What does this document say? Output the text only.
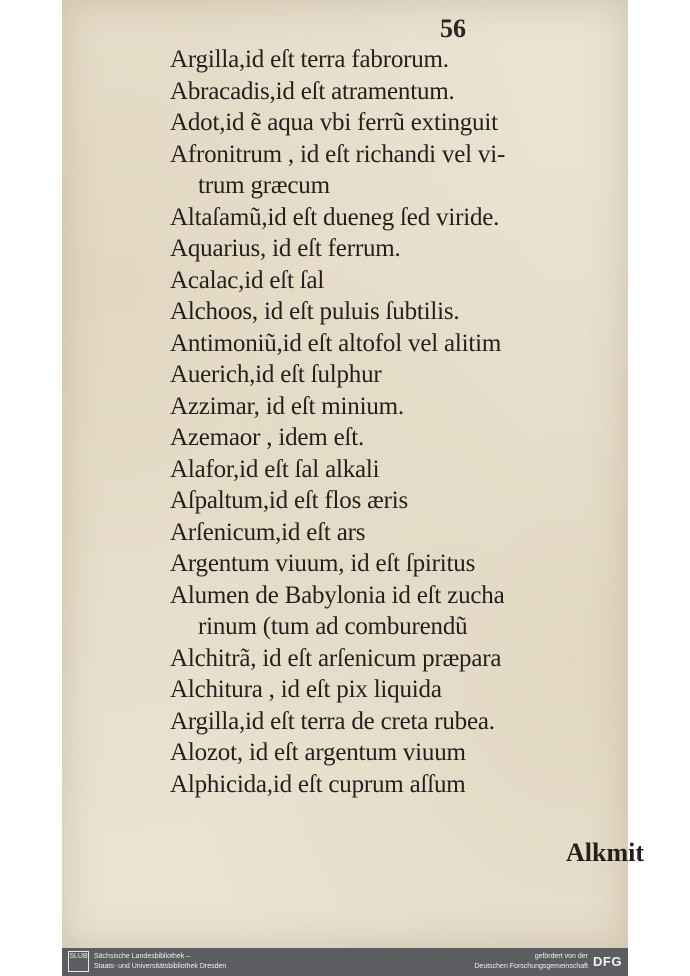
56
Argilla,id eſt terra fabrorum.
Abracadis,id eſt atramentum.
Adot,id ẽ aqua vbi ferrũ extinguit
Afronitrum , id eſt richandi vel vi-
trum græcum
Altaſamũ,id eſt dueneg ſed viride.
Aquarius, id eſt ferrum.
Acalac,id eſt ſal
Alchoos, id eſt puluis ſubtilis.
Antimoniũ,id eſt altofol vel alitim
Auerich,id eſt ſulphur
Azzimar, id eſt minium.
Azemaor , idem eſt.
Alafor,id eſt ſal alkali
Aſpaltum,id eſt flos æris
Arſenicum,id eſt ars
Argentum viuum, id eſt ſpiritus
Alumen de Babylonia id eſt zucha
rinum (tum ad comburendũ
Alchitrã, id eſt arſenicum præpara
Alchitura , id eſt pix liquida
Argilla,id eſt terra de creta rubea.
Alozot, id eſt argentum viuum
Alphicida,id eſt cuprum aſſum
Alkmit
SLUB Sächsische Landesbibliothek –
Staats- und Universitätsbibliothek Dresden
gefördert von der
Deutschen Forschungsgemeinschaft DFG
